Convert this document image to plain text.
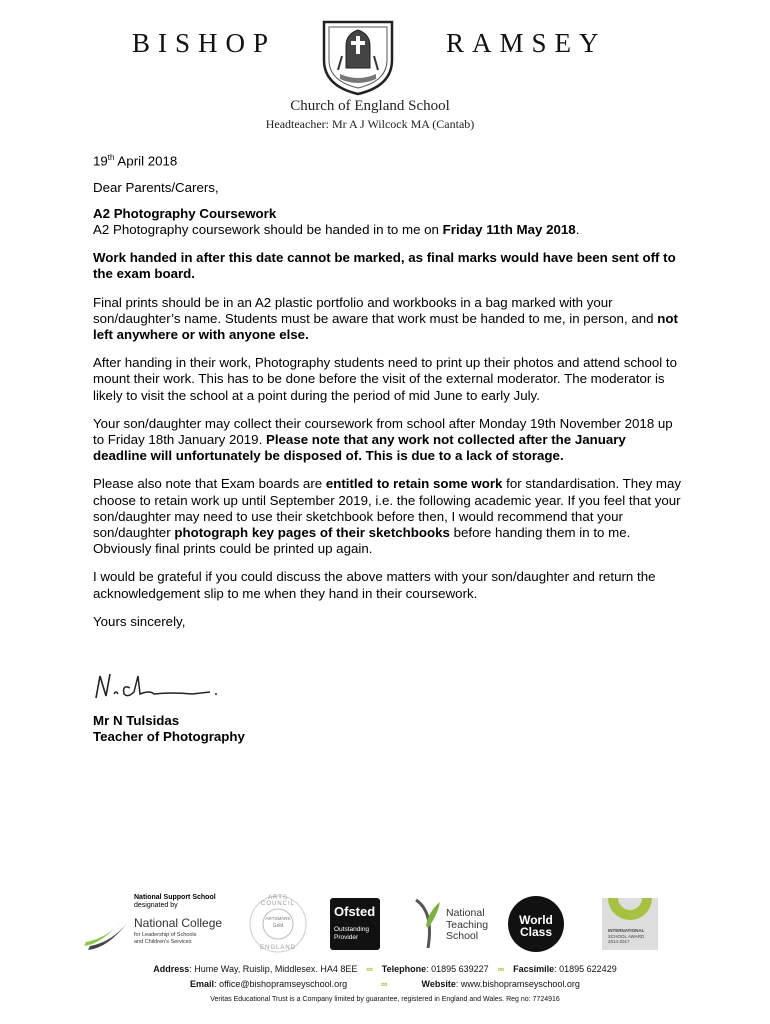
BISHOP	RAMSEY
Church of England School
Headteacher: Mr A J Wilcock MA (Cantab)

19th April 2018

Dear Parents/Carers,

A2 Photography Coursework
A2 Photography coursework should be handed in to me on Friday 11th May 2018.

Work handed in after this date cannot be marked, as final marks would have been sent off to the exam board.

Final prints should be in an A2 plastic portfolio and workbooks in a bag marked with your son/daughter’s name. Students must be aware that work must be handed to me, in person, and not left anywhere or with anyone else.

After handing in their work, Photography students need to print up their photos and attend school to mount their work. This has to be done before the visit of the external moderator. The moderator is likely to visit the school at a point during the period of mid June to early July.

Your son/daughter may collect their coursework from school after Monday 19th November 2018 up to Friday 18th January 2019. Please note that any work not collected after the January deadline will unfortunately be disposed of. This is due to a lack of storage.

Please also note that Exam boards are entitled to retain some work for standardisation. They may choose to retain work up until September 2019, i.e. the following academic year. If you feel that your son/daughter may need to use their sketchbook before then, I would recommend that your son/daughter photograph key pages of their sketchbooks before handing them in to me. Obviously final prints could be printed up again.

I would be grateful if you could discuss the above matters with your son/daughter and return the acknowledgement slip to me when they hand in their coursework.

Yours sincerely,

Mr N Tulsidas
Teacher of Photography
National Support School
designated by
National College
for Leadership of Schools
and Children's Services
ARTS COUNCIL
ARTSMARK
Gold
ENGLAND
Ofsted
Outstanding
Provider
National
Teaching
School
World
Class	INTERNATIONAL
SCHOOL AWARD
2014-2017
Address: Hume Way, Ruislip, Middlesex. HA4 8EE ∞ Telephone: 01895 639227 ∞ Facsimile: 01895 622429
Email: office@bishopramseyschool.org	∞	Website: www.bishopramseyschool.org
Veritas Educational Trust is a Company limited by guarantee, registered in England and Wales. Reg no: 7724916
